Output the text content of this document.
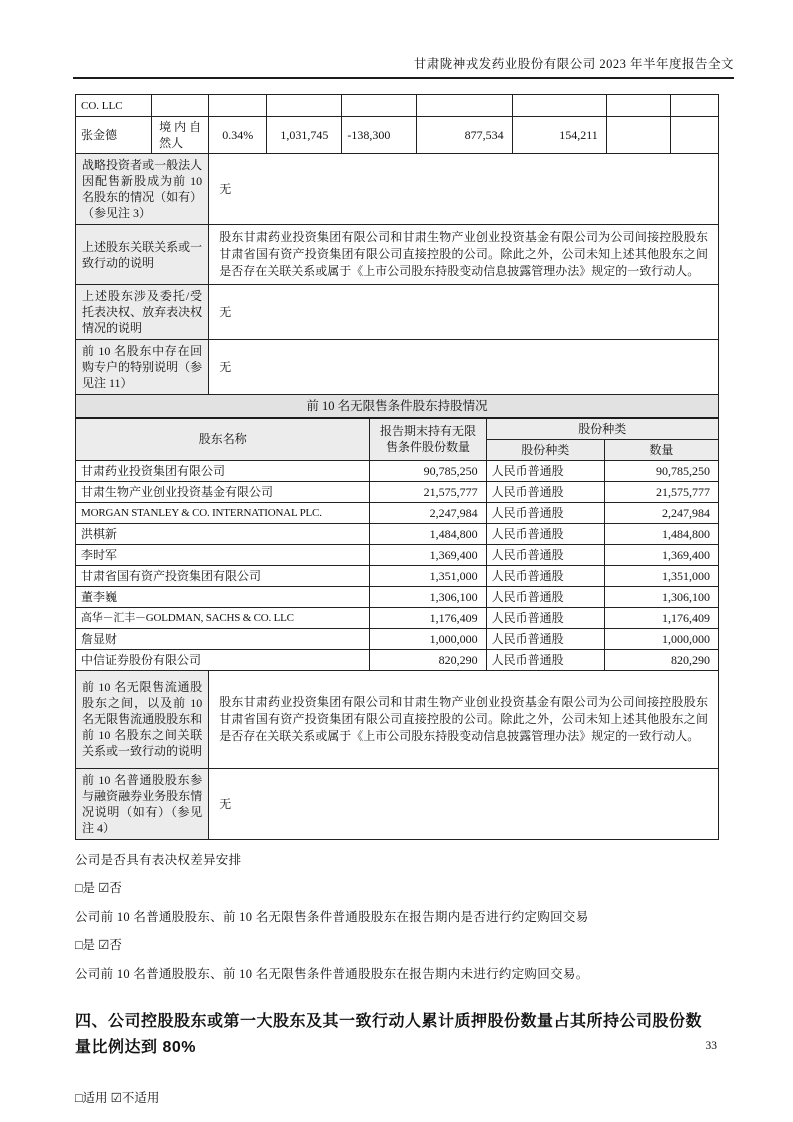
甘肃陇神戎发药业股份有限公司 2023 年半年度报告全文
CO. LLC								
张金德	境内自然人	0.34%	1,031,745	-138,300	877,534	154,211		
战略投资者或一般法人因配售新股成为前 10 名股东的情况（如有）（参见注 3）		无						
上述股东关联关系或一致行动的说明		股东甘肃药业投资集团有限公司和甘肃生物产业创业投资基金有限公司为公司间接控股股东甘肃省国有资产投资集团有限公司直接控股的公司。除此之外，公司未知上述其他股东之间是否存在关联关系或属于《上市公司股东持股变动信息披露管理办法》规定的一致行动人。						
上述股东涉及委托/受托表决权、放弃表决权情况的说明		无						
前 10 名股东中存在回购专户的特别说明（参见注 11）		无						
前 10 名无限售条件股东持股情况				
股东名称		报告期末持有无限售条件股份数量	股份种类	
			股份种类	数量
甘肃药业投资集团有限公司		90,785,250	人民币普通股	90,785,250
甘肃生物产业创业投资基金有限公司		21,575,777	人民币普通股	21,575,777
MORGAN STANLEY & CO. INTERNATIONAL PLC.		2,247,984	人民币普通股	2,247,984
洪棋新		1,484,800	人民币普通股	1,484,800
李时军		1,369,400	人民币普通股	1,369,400
甘肃省国有资产投资集团有限公司		1,351,000	人民币普通股	1,351,000
董李巍		1,306,100	人民币普通股	1,306,100
高华－汇丰－GOLDMAN, SACHS & CO. LLC		1,176,409	人民币普通股	1,176,409
詹显财		1,000,000	人民币普通股	1,000,000
中信证券股份有限公司		820,290	人民币普通股	820,290
前 10 名无限售流通股股东之间，以及前 10 名无限售流通股股东和前 10 名股东之间关联关系或一致行动的说明	股东甘肃药业投资集团有限公司和甘肃生物产业创业投资基金有限公司为公司间接控股股东甘肃省国有资产投资集团有限公司直接控股的公司。除此之外，公司未知上述其他股东之间是否存在关联关系或属于《上市公司股东持股变动信息披露管理办法》规定的一致行动人。			
前 10 名普通股股东参与融资融券业务股东情况说明（如有）（参见注 4）	无			
公司是否具有表决权差异安排
□是 ☑否
公司前 10 名普通股股东、前 10 名无限售条件普通股股东在报告期内是否进行约定购回交易
□是 ☑否
公司前 10 名普通股股东、前 10 名无限售条件普通股股东在报告期内未进行约定购回交易。
四、公司控股股东或第一大股东及其一致行动人累计质押股份数量占其所持公司股份数量比例达到 80%
□适用 ☑不适用
33
